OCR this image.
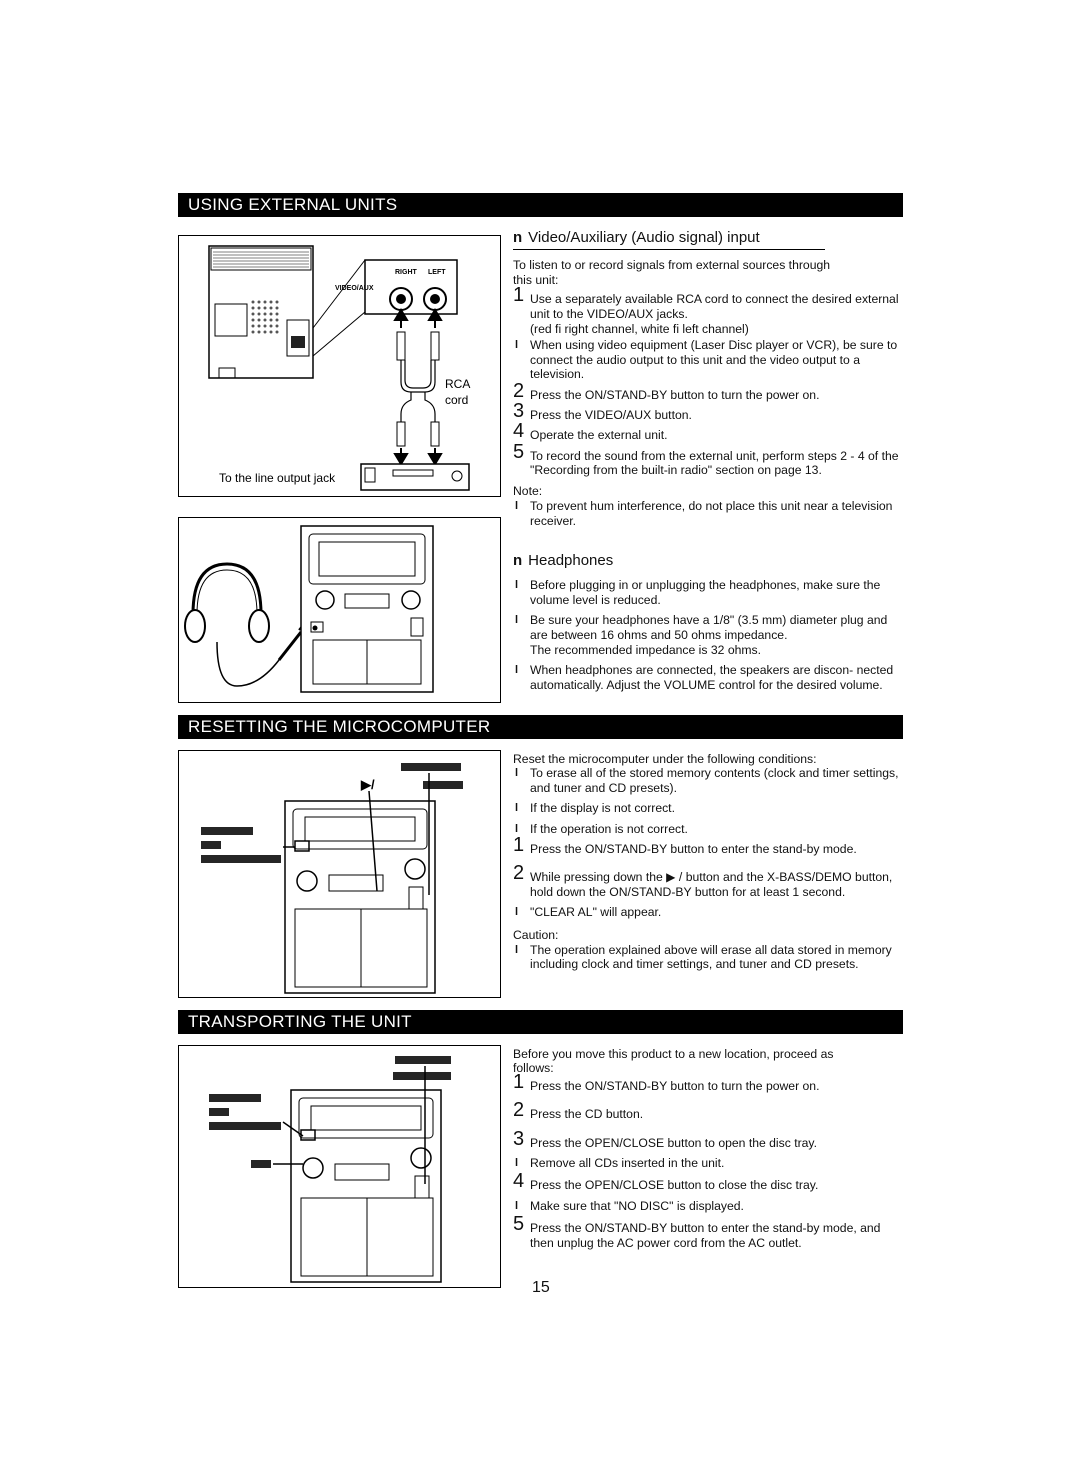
USING EXTERNAL UNITS
RIGHT LEFT
VIDEO/AUX
RCA
cord
To the line output jack
n Video/Auxiliary (Audio signal) input
To listen to or record signals from external sources through this unit:
1 Use a separately available RCA cord to connect the desired external unit to the VIDEO/AUX jacks.
(red fi right channel, white fi left channel)
l When using video equipment (Laser Disc player or VCR), be sure to connect the audio output to this unit and the video output to a television.
2 Press the ON/STAND-BY button to turn the power on.
3 Press the VIDEO/AUX button.
4 Operate the external unit.
5 To record the sound from the external unit, perform steps 2 - 4 of the "Recording from the built-in radio" section on page 13.
Note:
l To prevent hum interference, do not place this unit near a television receiver.
n Headphones
l Before plugging in or unplugging the headphones, make sure the volume level is reduced.
l Be sure your headphones have a 1/8" (3.5 mm) diameter plug and are between 16 ohms and 50 ohms impedance.
The recommended impedance is 32 ohms.
l When headphones are connected, the speakers are discon- nected automatically. Adjust the VOLUME control for the desired volume.
RESETTING THE MICROCOMPUTER
▶/
Reset the microcomputer under the following conditions:
l To erase all of the stored memory contents (clock and timer settings, and tuner and CD presets).
l If the display is not correct.
l If the operation is not correct.
1 Press the ON/STAND-BY button to enter the stand-by mode.
2 While pressing down the ▶ / button and the X-BASS/DEMO button, hold down the ON/STAND-BY button for at least 1 second.
l "CLEAR AL" will appear.
Caution:
l The operation explained above will erase all data stored in memory including clock and timer settings, and tuner and CD presets.
TRANSPORTING THE UNIT
Before you move this product to a new location, proceed as follows:
1 Press the ON/STAND-BY button to turn the power on.
2 Press the CD button.
3 Press the OPEN/CLOSE button to open the disc tray.
l Remove all CDs inserted in the unit.
4 Press the OPEN/CLOSE button to close the disc tray.
l Make sure that "NO DISC" is displayed.
5 Press the ON/STAND-BY button to enter the stand-by mode, and then unplug the AC power cord from the AC outlet.
15
